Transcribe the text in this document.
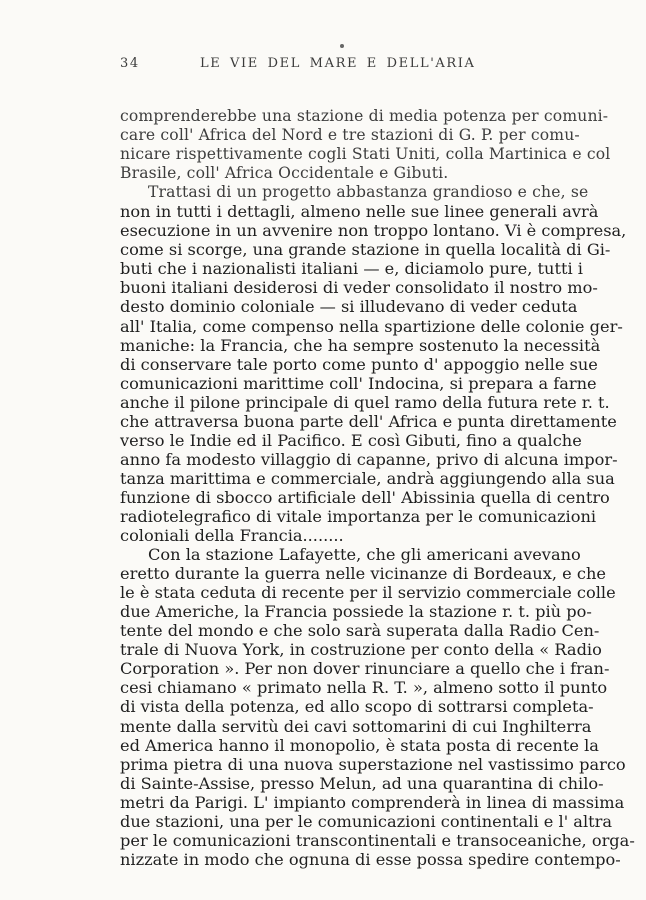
34	LE VIE DEL MARE E DELL'ARIA

comprenderebbe una stazione di media potenza per comuni-
care coll' Africa del Nord e tre stazioni di G. P. per comu-
nicare rispettivamente cogli Stati Uniti, colla Martinica e col
Brasile, coll' Africa Occidentale e Gibuti.

Trattasi di un progetto abbastanza grandioso e che, se
non in tutti i dettagli, almeno nelle sue linee generali avrà
esecuzione in un avvenire non troppo lontano. Vi è compresa,
come si scorge, una grande stazione in quella località di Gi-
buti che i nazionalisti italiani — e, diciamolo pure, tutti i
buoni italiani desiderosi di veder consolidato il nostro mo-
desto dominio coloniale — si illudevano di veder ceduta
all' Italia, come compenso nella spartizione delle colonie ger-
maniche: la Francia, che ha sempre sostenuto la necessità
di conservare tale porto come punto d' appoggio nelle sue
comunicazioni marittime coll' Indocina, si prepara a farne
anche il pilone principale di quel ramo della futura rete r. t.
che attraversa buona parte dell' Africa e punta direttamente
verso le Indie ed il Pacifico. E così Gibuti, fino a qualche
anno fa modesto villaggio di capanne, privo di alcuna impor-
tanza marittima e commerciale, andrà aggiungendo alla sua
funzione di sbocco artificiale dell' Abissinia quella di centro
radiotelegrafico di vitale importanza per le comunicazioni
coloniali della Francia........

Con la stazione Lafayette, che gli americani avevano
eretto durante la guerra nelle vicinanze di Bordeaux, e che
le è stata ceduta di recente per il servizio commerciale colle
due Americhe, la Francia possiede la stazione r. t. più po-
tente del mondo e che solo sarà superata dalla Radio Cen-
trale di Nuova York, in costruzione per conto della « Radio
Corporation ». Per non dover rinunciare a quello che i fran-
cesi chiamano « primato nella R. T. », almeno sotto il punto
di vista della potenza, ed allo scopo di sottrarsi completa-
mente dalla servitù dei cavi sottomarini di cui Inghilterra
ed America hanno il monopolio, è stata posta di recente la
prima pietra di una nuova superstazione nel vastissimo parco
di Sainte-Assise, presso Melun, ad una quarantina di chilo-
metri da Parigi. L' impianto comprenderà in linea di massima
due stazioni, una per le comunicazioni continentali e l' altra
per le comunicazioni transcontinentali e transoceaniche, orga-
nizzate in modo che ognuna di esse possa spedire contempo-
